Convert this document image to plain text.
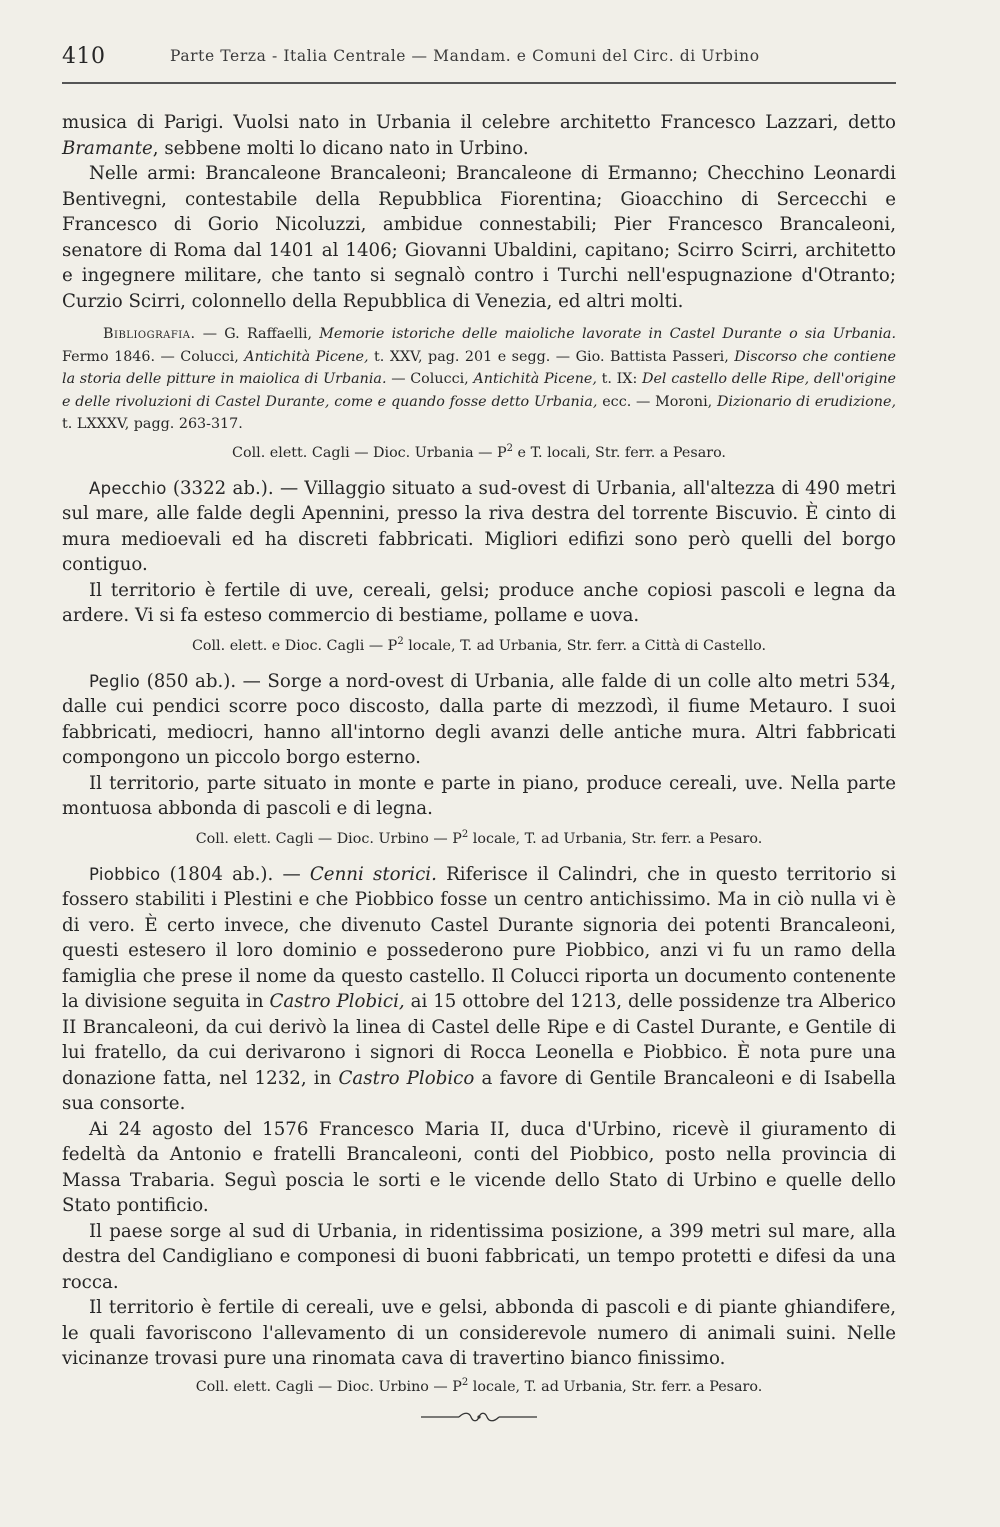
410	Parte Terza - Italia Centrale — Mandam. e Comuni del Circ. di Urbino

musica di Parigi. Vuolsi nato in Urbania il celebre architetto Francesco Lazzari, detto Bramante, sebbene molti lo dicano nato in Urbino.

Nelle armi: Brancaleone Brancaleoni; Brancaleone di Ermanno; Checchino Leonardi Bentivegni, contestabile della Repubblica Fiorentina; Gioacchino di Sercecchi e Francesco di Gorio Nicoluzzi, ambidue connestabili; Pier Francesco Brancaleoni, senatore di Roma dal 1401 al 1406; Giovanni Ubaldini, capitano; Scirro Scirri, architetto e ingegnere militare, che tanto si segnalò contro i Turchi nell'espugnazione d'Otranto; Curzio Scirri, colonnello della Repubblica di Venezia, ed altri molti.

Bibliografia. — G. Raffaelli, Memorie istoriche delle maioliche lavorate in Castel Durante o sia Urbania. Fermo 1846. — Colucci, Antichità Picene, t. XXV, pag. 201 e segg. — Gio. Battista Passeri, Discorso che contiene la storia delle pitture in maiolica di Urbania. — Colucci, Antichità Picene, t. IX: Del castello delle Ripe, dell'origine e delle rivoluzioni di Castel Durante, come e quando fosse detto Urbania, ecc. — Moroni, Dizionario di erudizione, t. LXXXV, pagg. 263-317.
Coll. elett. Cagli — Dioc. Urbania — $P^2$ e T. locali, Str. ferr. a Pesaro.

Apecchio (3322 ab.). — Villaggio situato a sud-ovest di Urbania, all'altezza di 490 metri sul mare, alle falde degli Apennini, presso la riva destra del torrente Biscuvio. È cinto di mura medioevali ed ha discreti fabbricati. Migliori edifizi sono però quelli del borgo contiguo.

Il territorio è fertile di uve, cereali, gelsi; produce anche copiosi pascoli e legna da ardere. Vi si fa esteso commercio di bestiame, pollame e uova.

Coll. elett. e Dioc. Cagli — $P^2$ locale, T. ad Urbania, Str. ferr. a Città di Castello.

Peglio (850 ab.). — Sorge a nord-ovest di Urbania, alle falde di un colle alto metri 534, dalle cui pendici scorre poco discosto, dalla parte di mezzodì, il fiume Metauro. I suoi fabbricati, mediocri, hanno all'intorno degli avanzi delle antiche mura. Altri fabbricati compongono un piccolo borgo esterno.

Il territorio, parte situato in monte e parte in piano, produce cereali, uve. Nella parte montuosa abbonda di pascoli e di legna.

Coll. elett. Cagli — Dioc. Urbino — $P^2$ locale, T. ad Urbania, Str. ferr. a Pesaro.

Piobbico (1804 ab.). — Cenni storici. Riferisce il Calindri, che in questo territorio si fossero stabiliti i Plestini e che Piobbico fosse un centro antichissimo. Ma in ciò nulla vi è di vero. È certo invece, che divenuto Castel Durante signoria dei potenti Brancaleoni, questi estesero il loro dominio e possederono pure Piobbico, anzi vi fu un ramo della famiglia che prese il nome da questo castello. Il Colucci riporta un documento contenente la divisione seguita in Castro Plobici, ai 15 ottobre del 1213, delle possidenze tra Alberico II Brancaleoni, da cui derivò la linea di Castel delle Ripe e di Castel Durante, e Gentile di lui fratello, da cui derivarono i signori di Rocca Leonella e Piobbico. È nota pure una donazione fatta, nel 1232, in Castro Plobico a favore di Gentile Brancaleoni e di Isabella sua consorte.

Ai 24 agosto del 1576 Francesco Maria II, duca d'Urbino, ricevè il giuramento di fedeltà da Antonio e fratelli Brancaleoni, conti del Piobbico, posto nella provincia di Massa Trabaria. Seguì poscia le sorti e le vicende dello Stato di Urbino e quelle dello Stato pontificio.

Il paese sorge al sud di Urbania, in ridentissima posizione, a 399 metri sul mare, alla destra del Candigliano e componesi di buoni fabbricati, un tempo protetti e difesi da una rocca.

Il territorio è fertile di cereali, uve e gelsi, abbonda di pascoli e di piante ghiandifere, le quali favoriscono l'allevamento di un considerevole numero di animali suini. Nelle vicinanze trovasi pure una rinomata cava di travertino bianco finissimo.

Coll. elett. Cagli — Dioc. Urbino — $P^2$ locale, T. ad Urbania, Str. ferr. a Pesaro.
